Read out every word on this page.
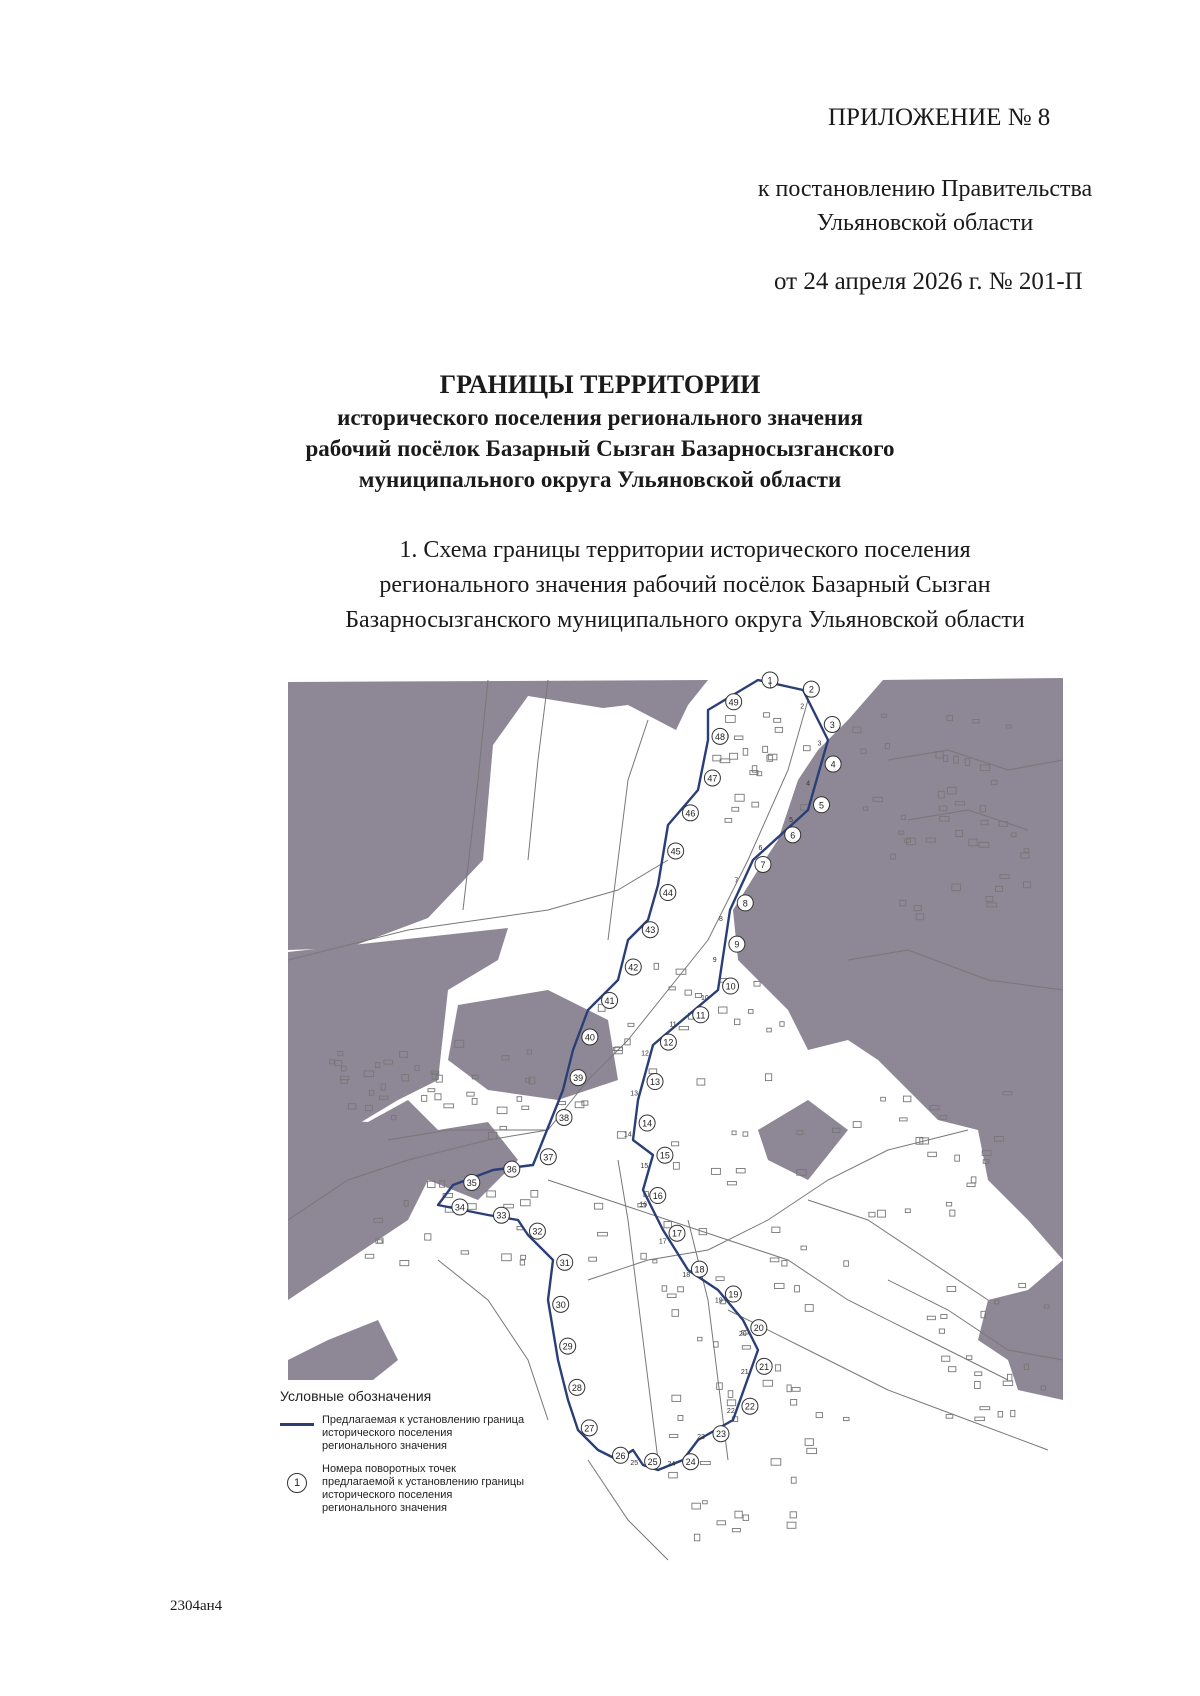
ПРИЛОЖЕНИЕ № 8
к постановлению Правительства
Ульяновской области
от 24 апреля 2026 г. № 201-П
ГРАНИЦЫ ТЕРРИТОРИИ
исторического поселения регионального значения
рабочий посёлок Базарный Сызган Базарносызганского
муниципального округа Ульяновской области
1. Схема границы территории исторического поселения
регионального значения рабочий посёлок Базарный Сызган
Базарносызганского муниципального округа Ульяновской области
1
2
3
4
5
6
7
8
9
10
11
12
13
14
15
16
17
18
19
20
21
22
23
24
25
26
27
28
29
30
31
32
33
34
35
36
37
38
39
40
41
42
43
44
45
46
47
48
49
1
2
3
4
5
6
7
8
9
10
11
12
13
14
15
16
17
18
19
20
21
22
23
24
25
Условные обозначения
Предлагаемая к установлению граница исторического поселения регионального значения
1
Номера поворотных точек предлагаемой к установлению границы исторического поселения регионального значения
2304ан4
